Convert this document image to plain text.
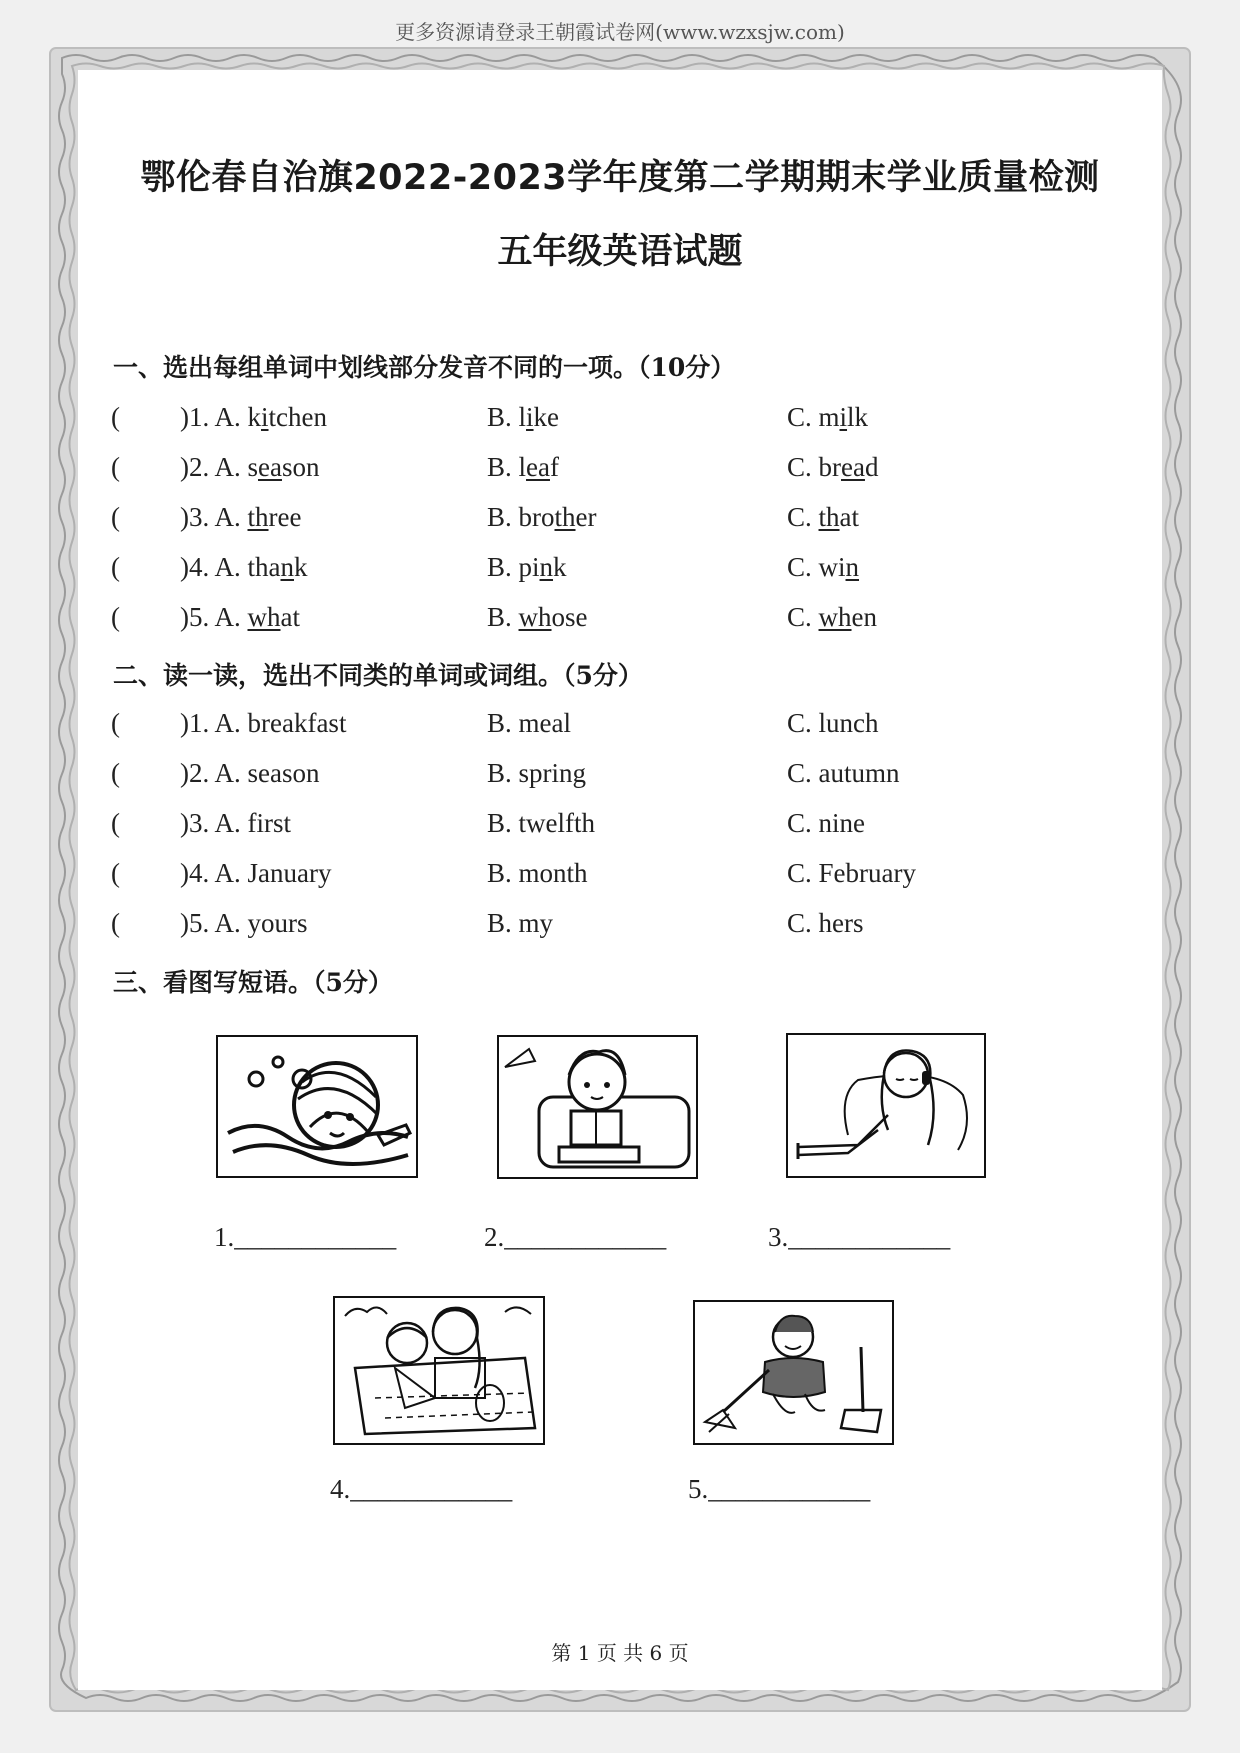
更多资源请登录王朝霞试卷网(www.wzxsjw.com)
鄂伦春自治旗2022-2023学年度第二学期期末学业质量检测
五年级英语试题
一、选出每组单词中划线部分发音不同的一项。（10分）
( )1. A. kitchen	B. like	C. milk
( )2. A. season	B. leaf	C. bread
( )3. A. three	B. brother	C. that
( )4. A. thank	B. pink	C. win
( )5. A. what	B. whose	C. when
二、读一读，选出不同类的单词或词组。（5分）
( )1. A. breakfast	B. meal	C. lunch
( )2. A. season	B. spring	C. autumn
( )3. A. first	B. twelfth	C. nine
( )4. A. January	B. month	C. February
( )5. A. yours	B. my	C. hers
三、看图写短语。（5分）
1.____________	2.____________	3.____________
4.____________	5.____________
第 1 页 共 6 页
